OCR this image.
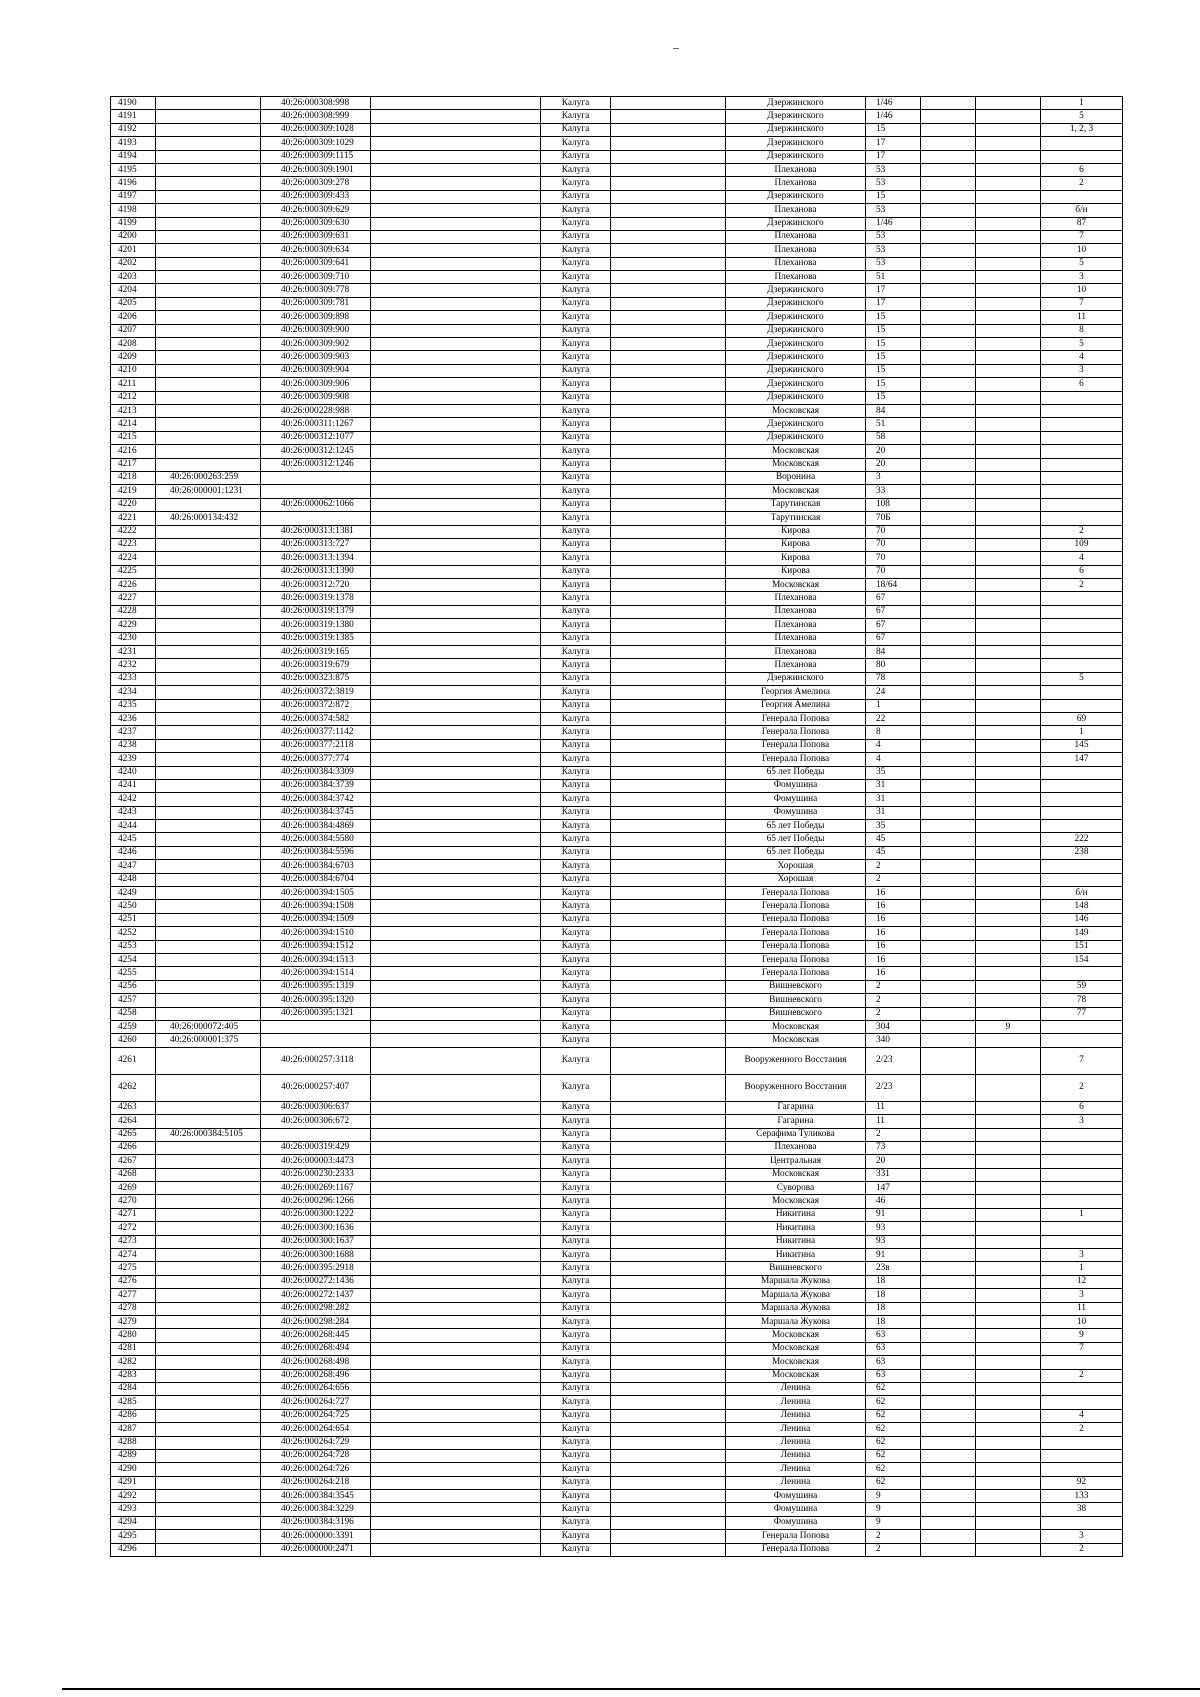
4190		40:26:000308:998		Калуга		Дзержинского	1/46			1
4191		40:26:000308:999		Калуга		Дзержинского	1/46			5
4192		40:26:000309:1028		Калуга		Дзержинского	15			1, 2, 3
4193		40:26:000309:1029		Калуга		Дзержинского	17			
4194		40:26:000309:1115		Калуга		Дзержинского	17			
4195		40:26:000309:1901		Калуга		Плеханова	53			6
4196		40:26:000309:278		Калуга		Плеханова	53			2
4197		40:26:000309:433		Калуга		Дзержинского	15			
4198		40:26:000309:629		Калуга		Плеханова	53			б/н
4199		40:26:000309:630		Калуга		Дзержинского	1/46			87
4200		40:26:000309:631		Калуга		Плеханова	53			7
4201		40:26:000309:634		Калуга		Плеханова	53			10
4202		40:26:000309:641		Калуга		Плеханова	53			5
4203		40:26:000309:710		Калуга		Плеханова	51			3
4204		40:26:000309:778		Калуга		Дзержинского	17			10
4205		40:26:000309:781		Калуга		Дзержинского	17			7
4206		40:26:000309:898		Калуга		Дзержинского	15			11
4207		40:26:000309:900		Калуга		Дзержинского	15			8
4208		40:26:000309:902		Калуга		Дзержинского	15			5
4209		40:26:000309:903		Калуга		Дзержинского	15			4
4210		40:26:000309:904		Калуга		Дзержинского	15			3
4211		40:26:000309:906		Калуга		Дзержинского	15			6
4212		40:26:000309:908		Калуга		Дзержинского	15			
4213		40:26:000228:988		Калуга		Московская	84			
4214		40:26:000311:1267		Калуга		Дзержинского	51			
4215		40:26:000312:1077		Калуга		Дзержинского	58			
4216		40:26:000312:1245		Калуга		Московская	20			
4217		40:26:000312:1246		Калуга		Московская	20			
4218	40:26:000263:259			Калуга		Воронина	3			
4219	40:26:000001:1231			Калуга		Московская	33			
4220		40:26:000062:1066		Калуга		Тарутинская	108			
4221	40:26:000134:432			Калуга		Тарутинская	70Б			
4222		40:26:000313:1381		Калуга		Кирова	70			2
4223		40:26:000313:727		Калуга		Кирова	70			109
4224		40:26:000313:1394		Калуга		Кирова	70			4
4225		40:26:000313:1390		Калуга		Кирова	70			6
4226		40:26:000312:720		Калуга		Московская	18/64			2
4227		40:26:000319:1378		Калуга		Плеханова	67			
4228		40:26:000319:1379		Калуга		Плеханова	67			
4229		40:26:000319:1380		Калуга		Плеханова	67			
4230		40:26:000319:1385		Калуга		Плеханова	67			
4231		40:26:000319:165		Калуга		Плеханова	84			
4232		40:26:000319:679		Калуга		Плеханова	80			
4233		40:26:000323:875		Калуга		Дзержинского	78			5
4234		40:26:000372:3819		Калуга		Георгия Амелина	24			
4235		40:26:000372:872		Калуга		Георгия Амелина	1			
4236		40:26:000374:582		Калуга		Генерала Попова	22			69
4237		40:26:000377:1142		Калуга		Генерала Попова	8			1
4238		40:26:000377:2118		Калуга		Генерала Попова	4			145
4239		40:26:000377:774		Калуга		Генерала Попова	4			147
4240		40:26:000384:3309		Калуга		65 лет Победы	35			
4241		40:26:000384:3739		Калуга		Фомушина	31			
4242		40:26:000384:3742		Калуга		Фомушина	31			
4243		40:26:000384:3745		Калуга		Фомушина	31			
4244		40:26:000384:4869		Калуга		65 лет Победы	35			
4245		40:26:000384:5580		Калуга		65 лет Победы	45			222
4246		40:26:000384:5596		Калуга		65 лет Победы	45			238
4247		40:26:000384:6703		Калуга		Хорошая	2			
4248		40:26:000384:6704		Калуга		Хорошая	2			
4249		40:26:000394:1505		Калуга		Генерала Попова	16			б/н
4250		40:26:000394:1508		Калуга		Генерала Попова	16			148
4251		40:26:000394:1509		Калуга		Генерала Попова	16			146
4252		40:26:000394:1510		Калуга		Генерала Попова	16			149
4253		40:26:000394:1512		Калуга		Генерала Попова	16			151
4254		40:26:000394:1513		Калуга		Генерала Попова	16			154
4255		40:26:000394:1514		Калуга		Генерала Попова	16			
4256		40:26:000395:1319		Калуга		Вишневского	2			59
4257		40:26:000395:1320		Калуга		Вишневского	2			78
4258		40:26:000395:1321		Калуга		Вишневского	2			77
4259	40:26:000072:405			Калуга		Московская	304		9	
4260	40:26:000001:375			Калуга		Московская	340			
4261		40:26:000257:3118		Калуга		Вооруженного Восстания	2/23			7
4262		40:26:000257:407		Калуга		Вооруженного Восстания	2/23			2
4263		40:26:000306:637		Калуга		Гагарина	11			6
4264		40:26:000306:672		Калуга		Гагарина	11			3
4265	40:26:000384:5105			Калуга		Серафима Туликова	2			
4266		40:26:000319:429		Калуга		Плеханова	73			
4267		40:26:000003:4473		Калуга		Центральная	20			
4268		40:26:000230:2333		Калуга		Московская	331			
4269		40:26:000269:1167		Калуга		Суворова	147			
4270		40:26:000296:1266		Калуга		Московская	46			
4271		40:26:000300:1222		Калуга		Никитина	91			1
4272		40:26:000300:1636		Калуга		Никитина	93			
4273		40:26:000300:1637		Калуга		Никитина	93			
4274		40:26:000300:1688		Калуга		Никитина	91			3
4275		40:26:000395:2918		Калуга		Вишневского	23в			1
4276		40:26:000272:1436		Калуга		Маршала Жукова	18			12
4277		40:26:000272:1437		Калуга		Маршала Жукова	18			3
4278		40:26:000298:282		Калуга		Маршала Жукова	18			11
4279		40:26:000298:284		Калуга		Маршала Жукова	18			10
4280		40:26:000268:445		Калуга		Московская	63			9
4281		40:26:000268:494		Калуга		Московская	63			7
4282		40:26:000268:498		Калуга		Московская	63			
4283		40:26:000268:496		Калуга		Московская	63			2
4284		40:26:000264:656		Калуга		Ленина	62			
4285		40:26:000264:727		Калуга		Ленина	62			
4286		40:26:000264:725		Калуга		Ленина	62			4
4287		40:26:000264:654		Калуга		Ленина	62			2
4288		40:26:000264:729		Калуга		Ленина	62			
4289		40:26:000264:728		Калуга		Ленина	62			
4290		40:26:000264:726		Калуга		Ленина	62			
4291		40:26:000264:218		Калуга		Ленина	62			92
4292		40:26:000384:3545		Калуга		Фомушина	9			133
4293		40:26:000384:3229		Калуга		Фомушина	9			38
4294		40:26:000384:3196		Калуга		Фомушина	9			
4295		40:26:000000:3391		Калуга		Генерала Попова	2			3
4296		40:26:000000:2471		Калуга		Генерала Попова	2			2
